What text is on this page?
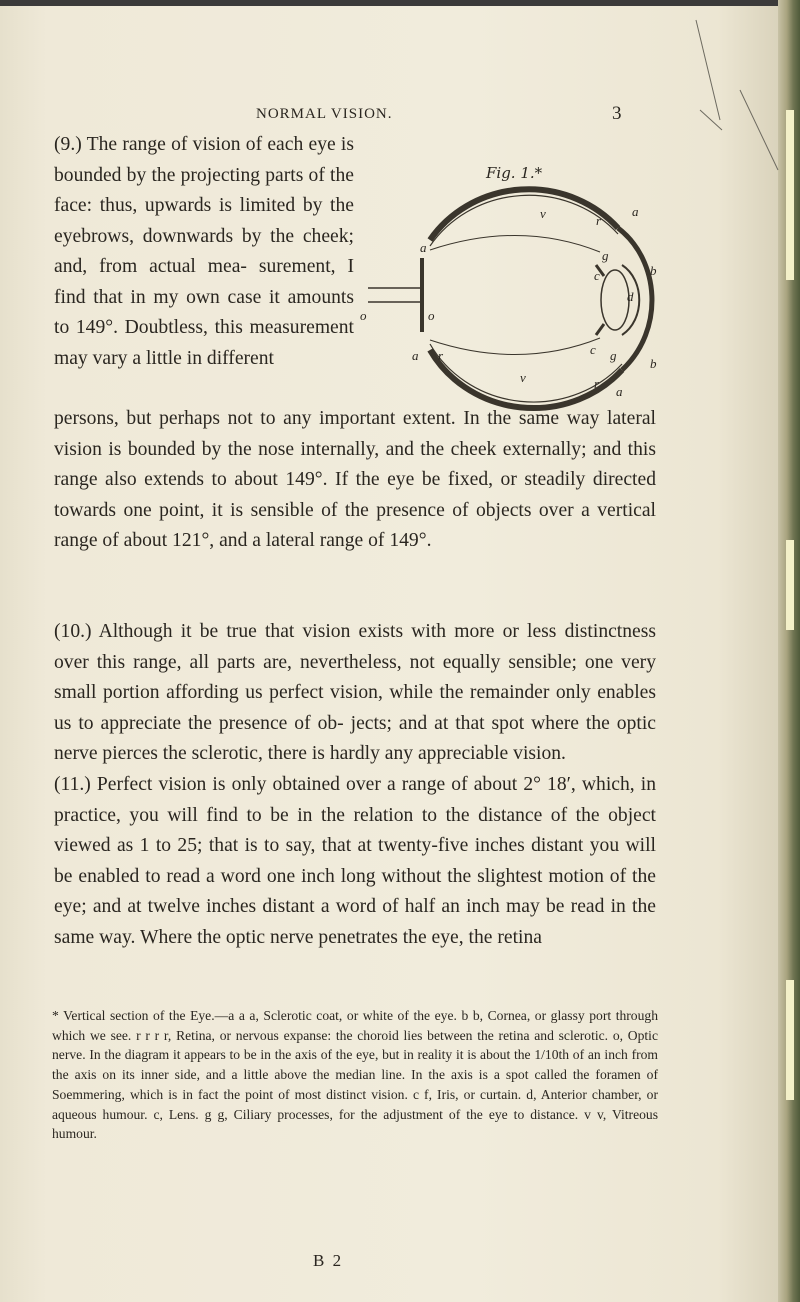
NORMAL VISION.	3
(9.) The range of vision of each eye is bounded by the projecting parts of the face: thus, upwards is limited by the eyebrows, downwards by the cheek; and, from actual mea- surement, I find that in my own case it amounts to 149°. Doubtless, this measurement may vary a little in different
Fig. 1.*
a
v	r
a
g
c	b
d
o	o
a r	c g
b
v	r
a
persons, but perhaps not to any important extent. In the same way lateral vision is bounded by the nose internally, and the cheek externally; and this range also extends to about 149°. If the eye be fixed, or steadily directed towards one point, it is sensible of the presence of objects over a vertical range of about 121°, and a lateral range of 149°.
(10.) Although it be true that vision exists with more or less distinctness over this range, all parts are, nevertheless, not equally sensible; one very small portion affording us perfect vision, while the remainder only enables us to appreciate the presence of ob- jects; and at that spot where the optic nerve pierces the sclerotic, there is hardly any appreciable vision.
(11.) Perfect vision is only obtained over a range of about 2° 18′, which, in practice, you will find to be in the relation to the distance of the object viewed as 1 to 25; that is to say, that at twenty-five inches distant you will be enabled to read a word one inch long without the slightest motion of the eye; and at twelve inches distant a word of half an inch may be read in the same way. Where the optic nerve penetrates the eye, the retina
* Vertical section of the Eye.—a a a, Sclerotic coat, or white of the eye. b b, Cornea, or glassy port through which we see. r r r r, Retina, or nervous expanse: the choroid lies between the retina and sclerotic. o, Optic nerve. In the diagram it appears to be in the axis of the eye, but in reality it is about the 1/10th of an inch from the axis on its inner side, and a little above the median line. In the axis is a spot called the foramen of Soemmering, which is in fact the point of most distinct vision. c f, Iris, or curtain. d, Anterior chamber, or aqueous humour. c, Lens. g g, Ciliary processes, for the adjustment of the eye to distance. v v, Vitreous humour.
B 2
